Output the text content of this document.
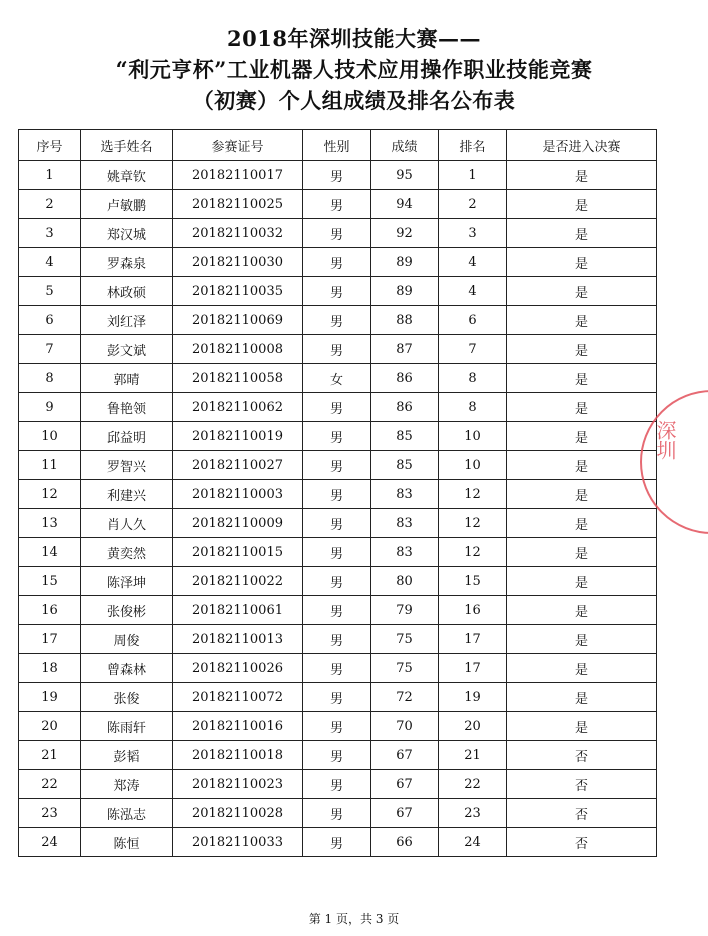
2018年深圳技能大赛——
“利元亨杯”工业机器人技术应用操作职业技能竞赛
（初赛）个人组成绩及排名公布表
序号	选手姓名	参赛证号	性别	成绩	排名	是否进入决赛
1	姚章钦	20182110017	男	95	1	是
2	卢敏鹏	20182110025	男	94	2	是
3	郑汉城	20182110032	男	92	3	是
4	罗森泉	20182110030	男	89	4	是
5	林政硕	20182110035	男	89	4	是
6	刘红泽	20182110069	男	88	6	是
7	彭文斌	20182110008	男	87	7	是
8	郭晴	20182110058	女	86	8	是
9	鲁艳领	20182110062	男	86	8	是
10	邱益明	20182110019	男	85	10	是
11	罗智兴	20182110027	男	85	10	是
12	利建兴	20182110003	男	83	12	是
13	肖人久	20182110009	男	83	12	是
14	黄奕然	20182110015	男	83	12	是
15	陈泽坤	20182110022	男	80	15	是
16	张俊彬	20182110061	男	79	16	是
17	周俊	20182110013	男	75	17	是
18	曾森林	20182110026	男	75	17	是
19	张俊	20182110072	男	72	19	是
20	陈雨轩	20182110016	男	70	20	是
21	彭韬	20182110018	男	67	21	否
22	郑涛	20182110023	男	67	22	否
23	陈泓志	20182110028	男	67	23	否
24	陈恒	20182110033	男	66	24	否
深圳
第 1 页，共 3 页
